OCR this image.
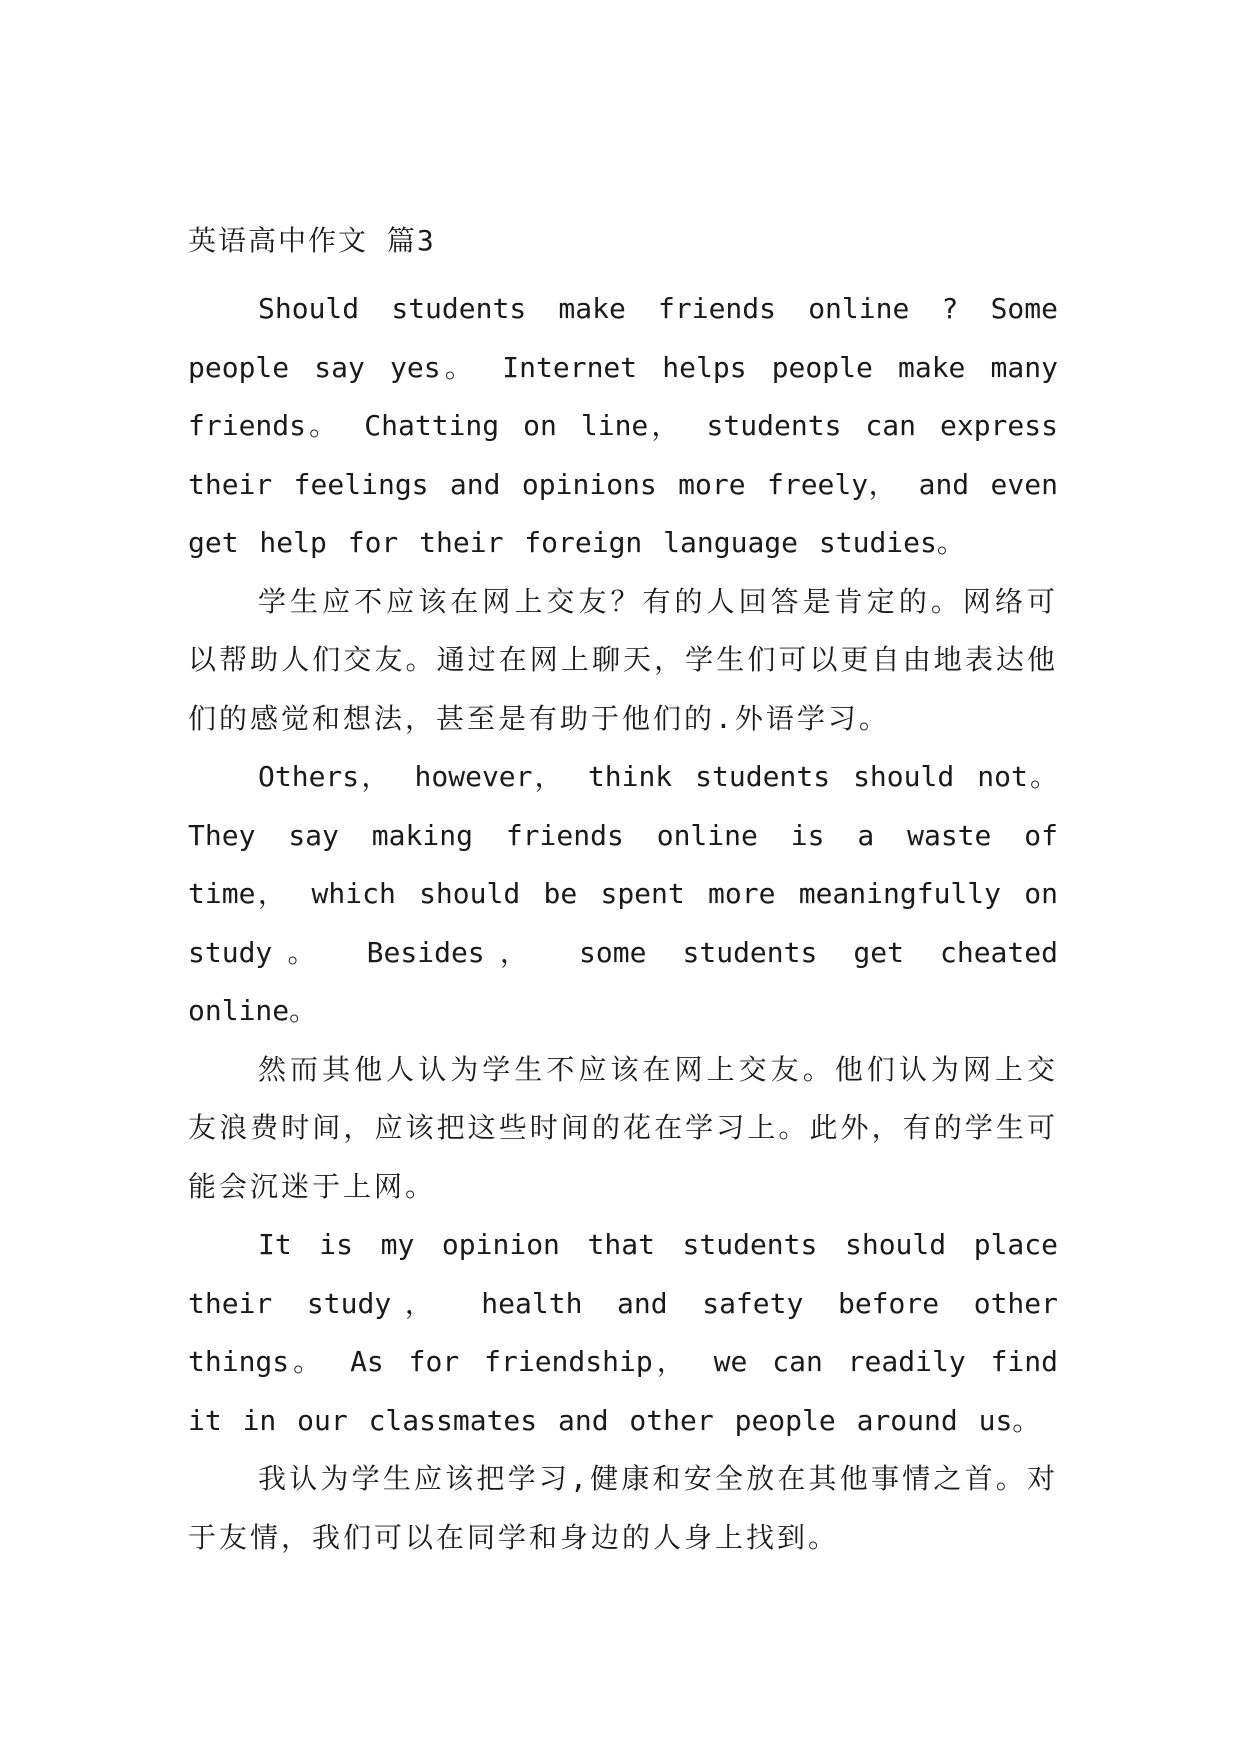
英语高中作文 篇3

Should students make friends online ? Some people say yes。 Internet helps people make many friends。 Chatting on line， students can express their feelings and opinions more freely， and even get help for their foreign language studies。

学生应不应该在网上交友？有的人回答是肯定的。网络可以帮助人们交友。通过在网上聊天，学生们可以更自由地表达他们的感觉和想法，甚至是有助于他们的.外语学习。

Others， however， think students should not。 They say making friends online is a waste of time， which should be spent more meaningfully on study。 Besides， some students get cheated online。

然而其他人认为学生不应该在网上交友。他们认为网上交友浪费时间，应该把这些时间的花在学习上。此外，有的学生可能会沉迷于上网。

It is my opinion that students should place their study， health and safety before other things。 As for friendship， we can readily find it in our classmates and other people around us。

我认为学生应该把学习,健康和安全放在其他事情之首。对于友情，我们可以在同学和身边的人身上找到。
